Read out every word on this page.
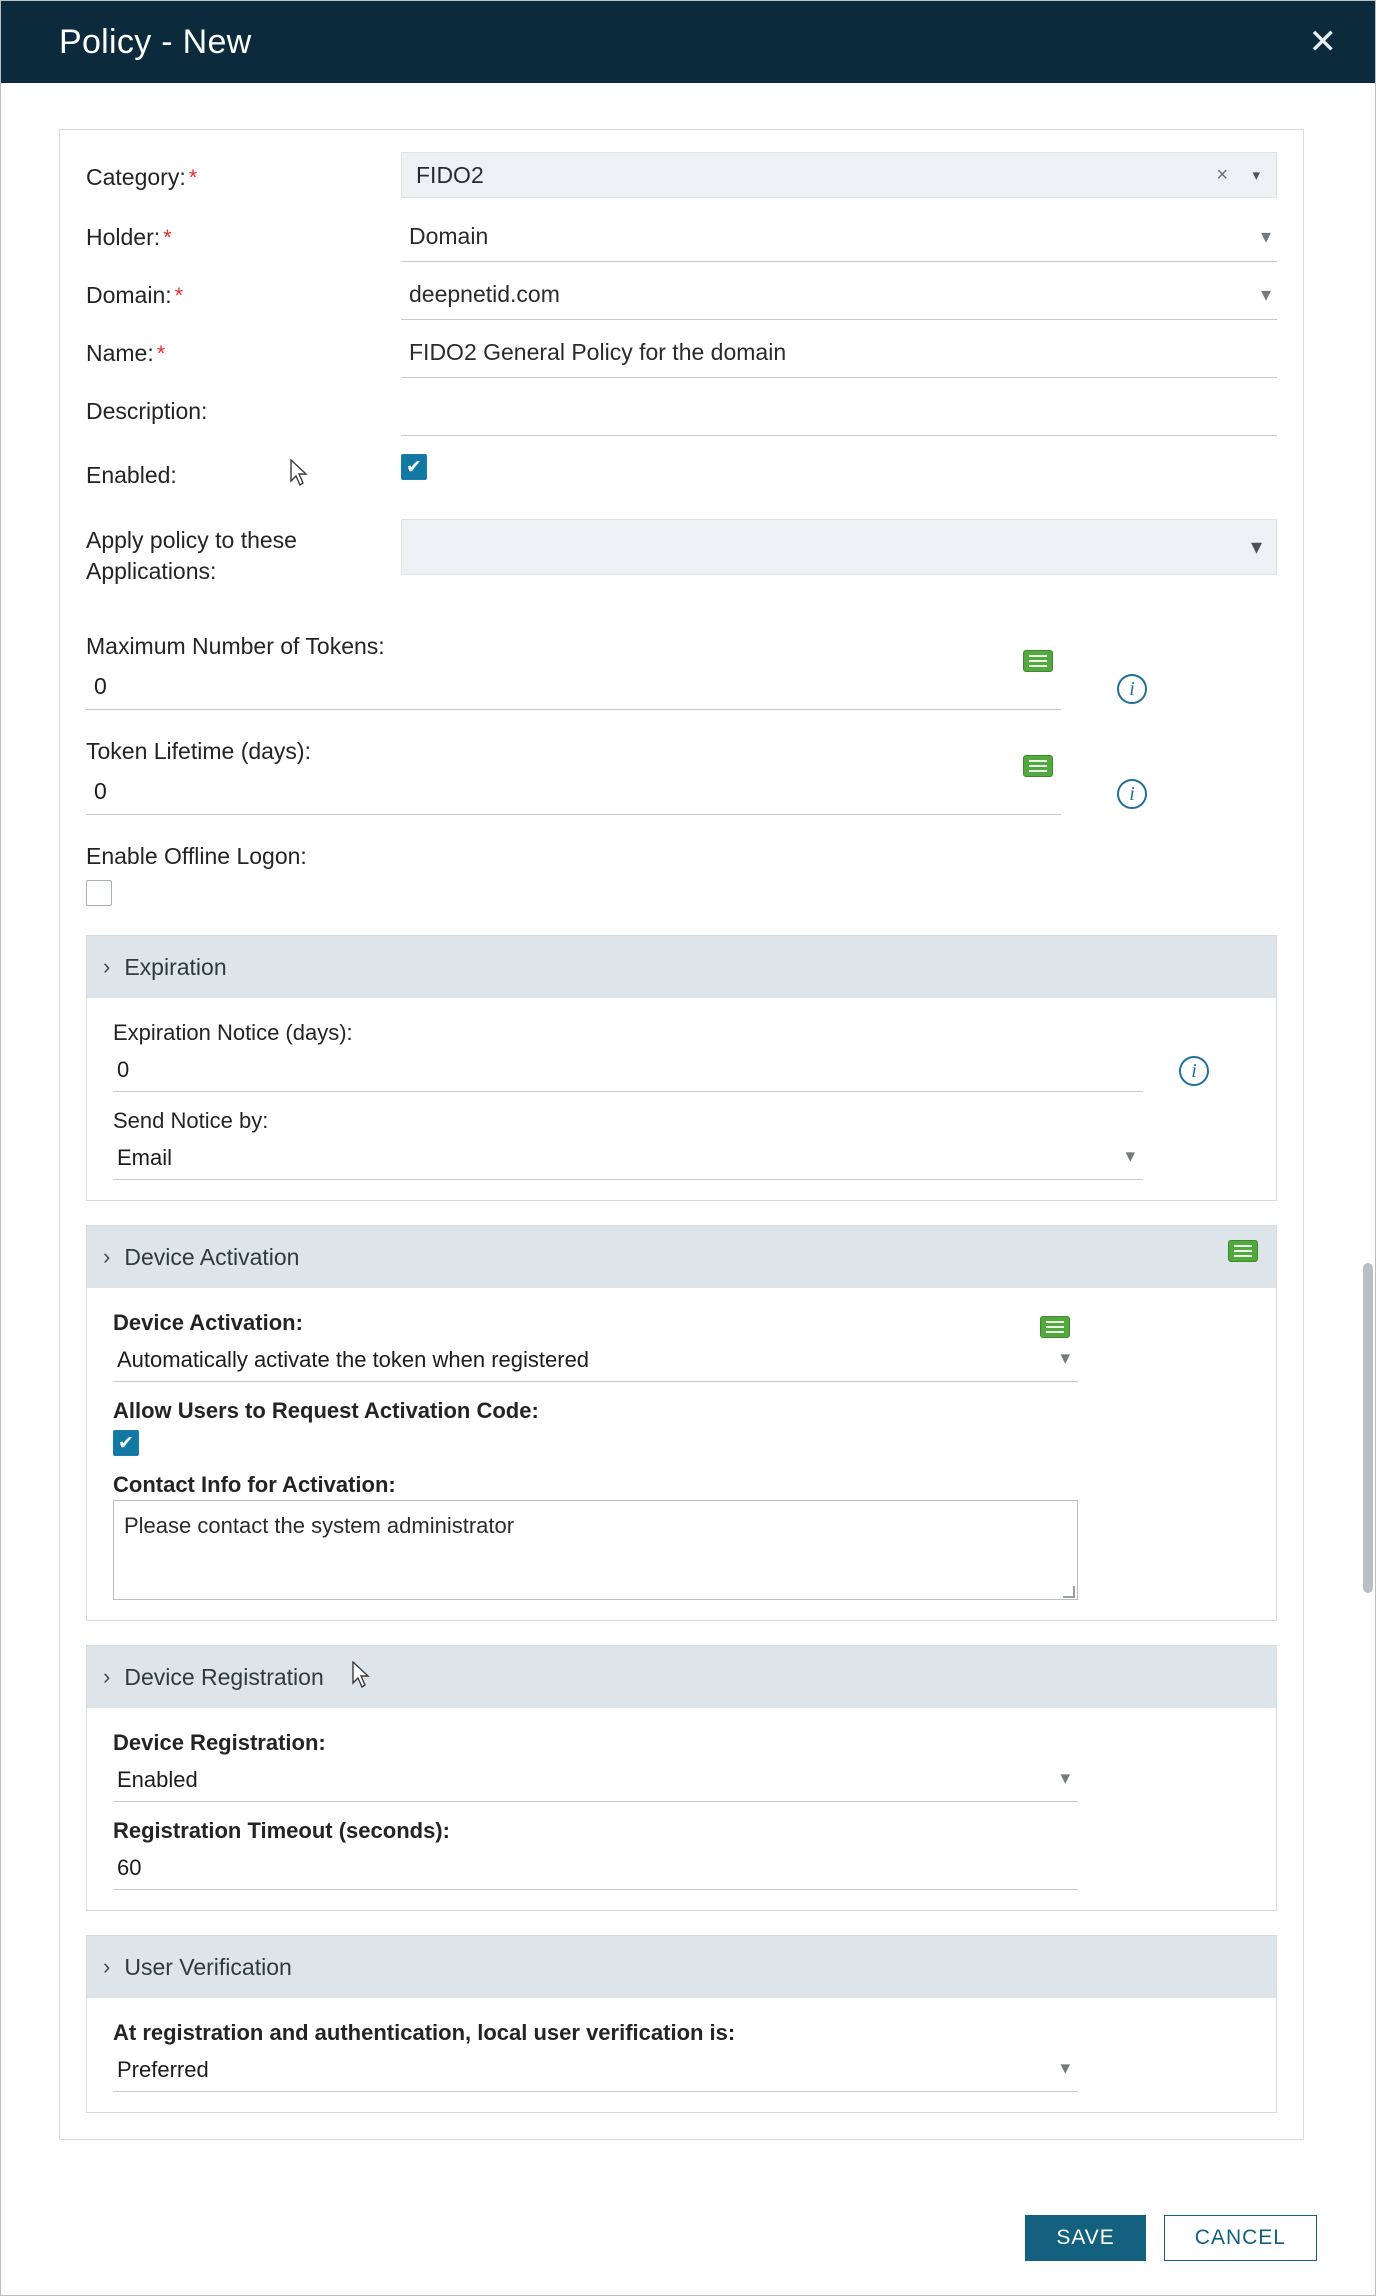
Policy - New	✕
Category: *	FIDO2	× ▾
Holder: *	Domain	▾
Domain: *	deepnetid.com	▾
Name: *	FIDO2 General Policy for the domain
Description:
Enabled:	✔
Apply policy to these Applications:
▾
Maximum Number of Tokens:
0	i
Token Lifetime (days):
0	i
Enable Offline Logon:
› Expiration
Expiration Notice (days):
0	i
Send Notice by:
Email	▾
› Device Activation
Device Activation:
Automatically activate the token when registered	▾
Allow Users to Request Activation Code:
✔
Contact Info for Activation:
Please contact the system administrator
› Device Registration
Device Registration:
Enabled	▾
Registration Timeout (seconds):
60
› User Verification
At registration and authentication, local user verification is:
Preferred	▾
SAVE	CANCEL
